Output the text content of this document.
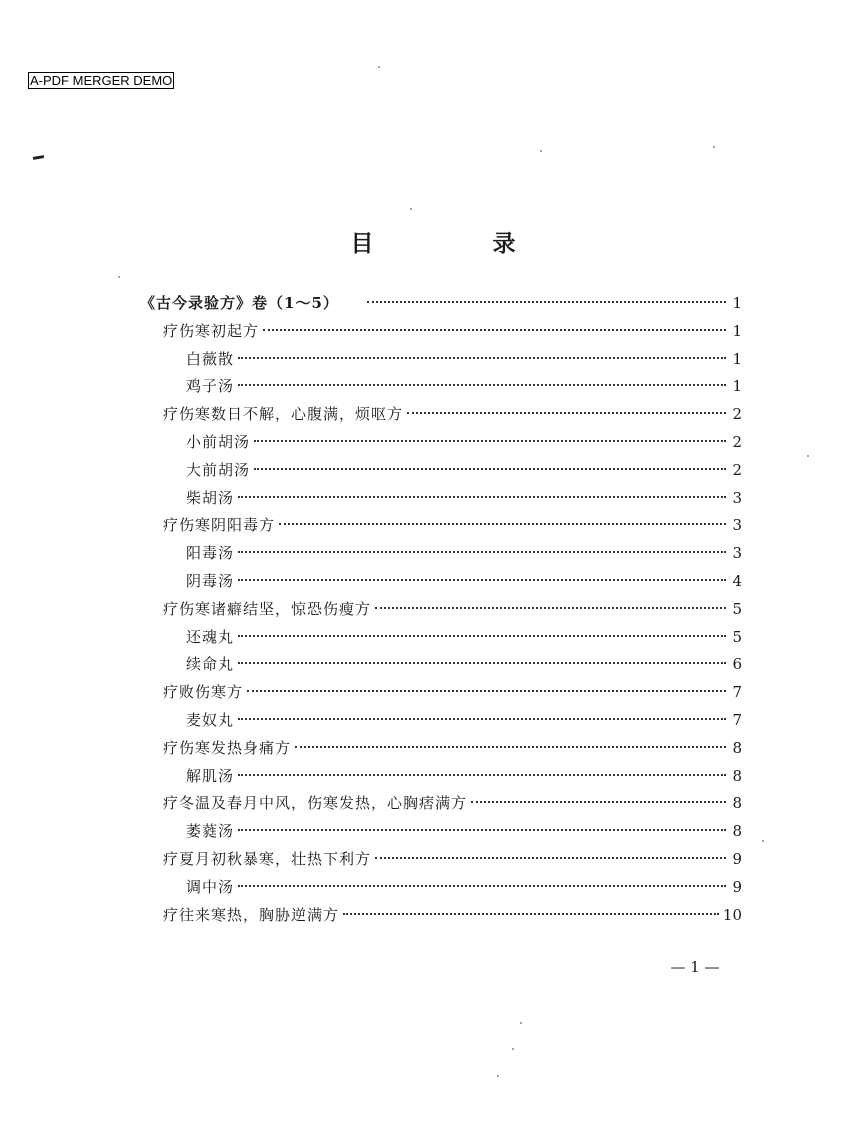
A-PDF MERGER DEMO
目　录
《古今录验方》卷（1～5）	1
疗伤寒初起方	1
白薇散	1
鸡子汤	1
疗伤寒数日不解，心腹满，烦呕方	2
小前胡汤	2
大前胡汤	2
柴胡汤	3
疗伤寒阴阳毒方	3
阳毒汤	3
阴毒汤	4
疗伤寒诸癖结坚，惊恐伤瘦方	5
还魂丸	5
续命丸	6
疗败伤寒方	7
麦奴丸	7
疗伤寒发热身痛方	8
解肌汤	8
疗冬温及春月中风，伤寒发热，心胸痞满方	8
萎蕤汤	8
疗夏月初秋暴寒，壮热下利方	9
调中汤	9
疗往来寒热，胸胁逆满方	10
— 1 —
